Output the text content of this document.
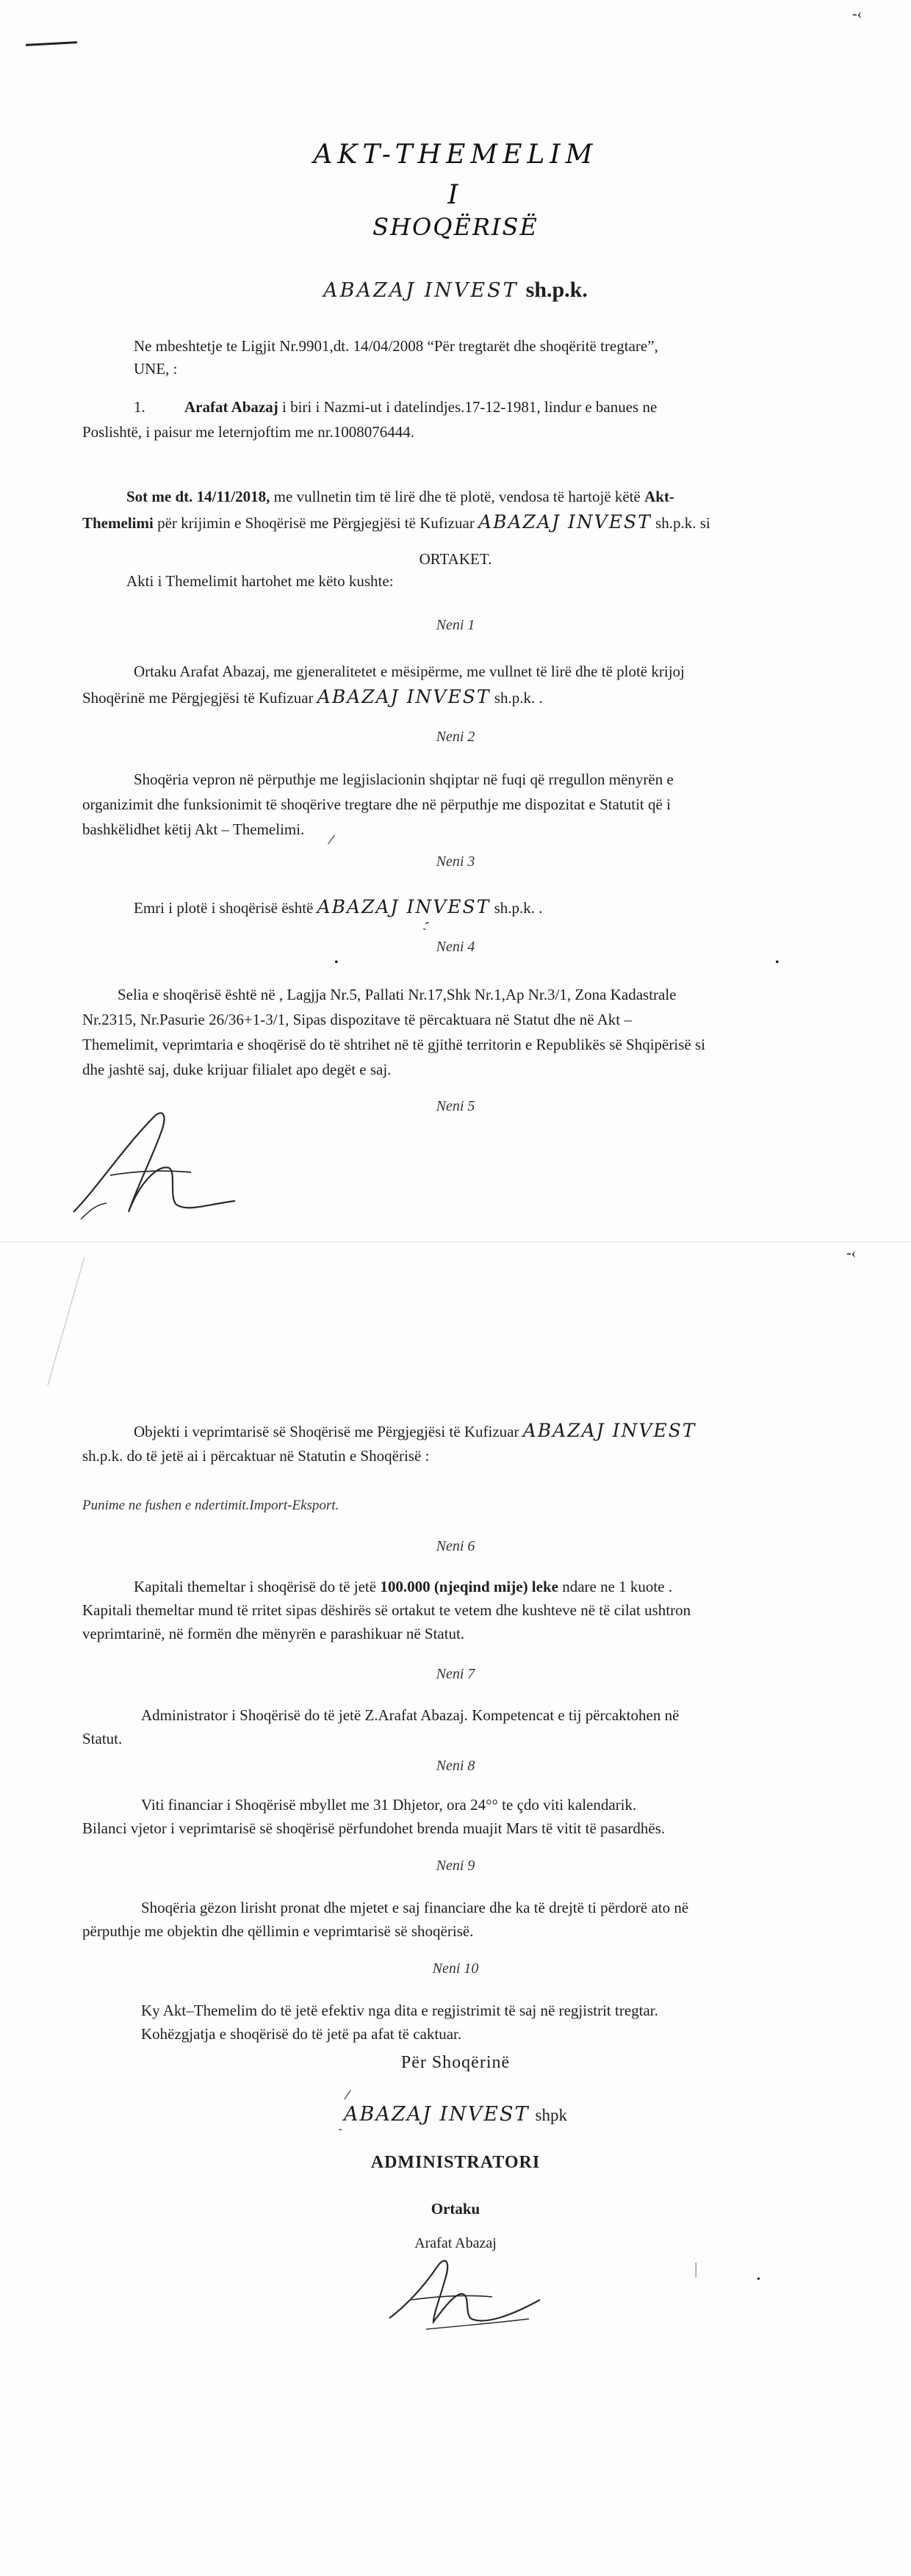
-‹
AKT-THEMELIM
I
SHOQËRISË
ABAZAJ INVEST sh.p.k.
Ne mbeshtetje te Ligjit Nr.9901,dt. 14/04/2008 “Për tregtarët dhe shoqëritë tregtare”,
UNE, :
1.	Arafat Abazaj i biri i Nazmi-ut i datelindjes.17-12-1981, lindur e banues ne
Poslishtë, i paisur me leternjoftim me nr.1008076444.
Sot me dt. 14/11/2018, me vullnetin tim të lirë dhe të plotë, vendosa të hartojë këtë Akt-
Themelimi për krijimin e Shoqërisë me Përgjegjësi të Kufizuar ABAZAJ INVEST sh.p.k. si
ORTAKET.
Akti i Themelimit hartohet me këto kushte:
Neni 1
Ortaku Arafat Abazaj, me gjeneralitetet e mësipërme, me vullnet të lirë dhe të plotë krijoj
Shoqërinë me Përgjegjësi të Kufizuar ABAZAJ INVEST sh.p.k. .
Neni 2
Shoqëria vepron në përputhje me legjislacionin shqiptar në fuqi që rregullon mënyrën e
organizimit dhe funksionimit të shoqërive tregtare dhe në përputhje me dispozitat e Statutit që i
bashkëlidhet këtij Akt – Themelimi.
/
Neni 3
Emri i plotë i shoqërisë është ABAZAJ INVEST sh.p.k. .
ˏ‐
Neni 4
•	•
Selia e shoqërisë është në , Lagjja Nr.5, Pallati Nr.17,Shk Nr.1,Ap Nr.3/1, Zona Kadastrale
Nr.2315, Nr.Pasurie 26/36+1-3/1, Sipas dispozitave të përcaktuara në Statut dhe në Akt –
Themelimit, veprimtaria e shoqërisë do të shtrihet në të gjithë territorin e Republikës së Shqipërisë si
dhe jashtë saj, duke krijuar filialet apo degët e saj.
Neni 5
-‹
Objekti i veprimtarisë së Shoqërisë me Përgjegjësi të Kufizuar ABAZAJ INVEST
sh.p.k. do të jetë ai i përcaktuar në Statutin e Shoqërisë :
Punime ne fushen e ndertimit.Import-Eksport.
Neni 6
Kapitali themeltar i shoqërisë do të jetë 100.000 (njeqind mije) leke ndare ne 1 kuote .
Kapitali themeltar mund të rritet sipas dëshirës së ortakut te vetem dhe kushteve në të cilat ushtron
veprimtarinë, në formën dhe mënyrën e parashikuar në Statut.
Neni 7
Administrator i Shoqërisë do të jetë Z.Arafat Abazaj. Kompetencat e tij përcaktohen në
Statut.
Neni 8
Viti financiar i Shoqërisë mbyllet me 31 Dhjetor, ora 24°° te çdo viti kalendarik.
Bilanci vjetor i veprimtarisë së shoqërisë përfundohet brenda muajit Mars të vitit të pasardhës.
Neni 9
Shoqëria gëzon lirisht pronat dhe mjetet e saj financiare dhe ka të drejtë ti përdorë ato në
përputhje me objektin dhe qëllimin e veprimtarisë së shoqërisë.
Neni 10
Ky Akt–Themelim do të jetë efektiv nga dita e regjistrimit të saj në regjistrit tregtar.
Kohëzgjatja e shoqërisë do të jetë pa afat të caktuar.
Për Shoqërinë
/
ˎ ABAZAJ INVEST shpk
ADMINISTRATORI
Ortaku
Arafat Abazaj
|
•
